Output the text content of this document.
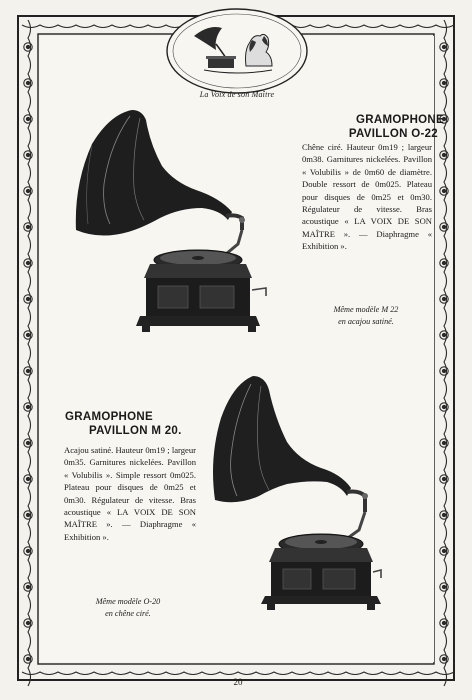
La Voix de son Maître
GRAMOPHONE
PAVILLON O-22
Chêne ciré. Hauteur 0m19 ; largeur 0m38. Garnitures nickelées. Pavillon « Volubilis » de 0m60 de diamètre. Double ressort de 0m025. Plateau pour disques de 0m25 et 0m30. Régulateur de vitesse. Bras acoustique « LA VOIX DE SON MAÎTRE ». — Diaphragme « Exhibition ».
Même modèle M 22
en acajou satiné.
GRAMOPHONE
PAVILLON M 20.
Acajou satiné. Hauteur 0m19 ; largeur 0m35. Garnitures nickelées. Pavillon « Volubilis ». Simple ressort 0m025. Plateau pour disques de 0m25 et 0m30. Régulateur de vitesse. Bras acoustique « LA VOIX DE SON MAÎTRE ». — Diaphragme « Exhibition ».
Même modèle O-20
en chêne ciré.
20
